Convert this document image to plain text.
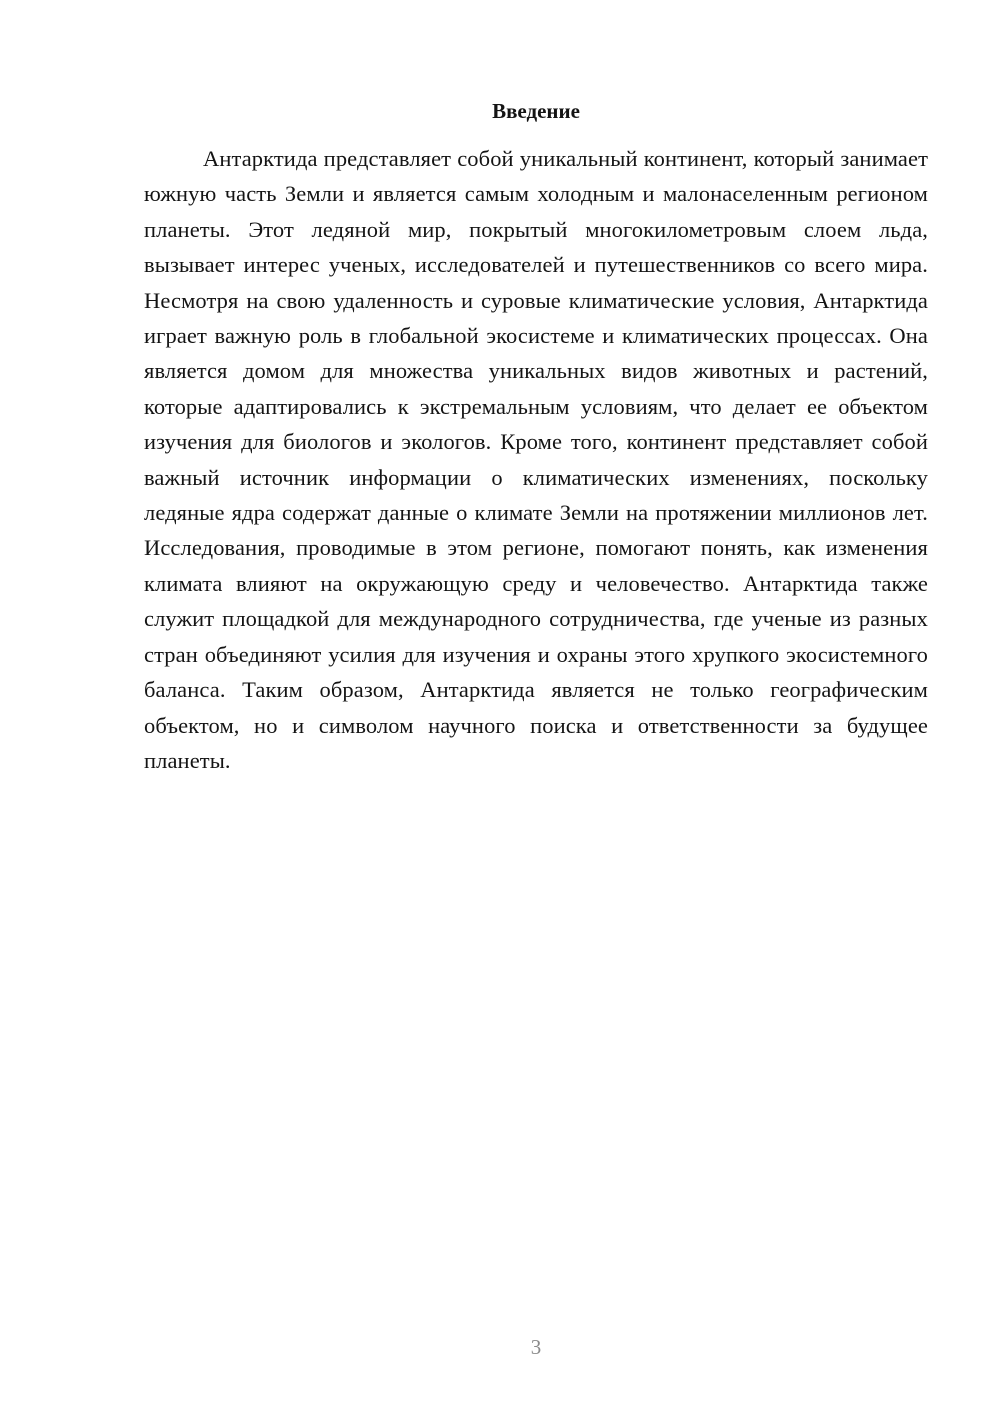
Введение

Антарктида представляет собой уникальный континент, который занимает южную часть Земли и является самым холодным и малонаселенным регионом планеты. Этот ледяной мир, покрытый многокилометровым слоем льда, вызывает интерес ученых, исследователей и путешественников со всего мира. Несмотря на свою удаленность и суровые климатические условия, Антарктида играет важную роль в глобальной экосистеме и климатических процессах. Она является домом для множества уникальных видов животных и растений, которые адаптировались к экстремальным условиям, что делает ее объектом изучения для биологов и экологов. Кроме того, континент представляет собой важный источник информации о климатических изменениях, поскольку ледяные ядра содержат данные о климате Земли на протяжении миллионов лет. Исследования, проводимые в этом регионе, помогают понять, как изменения климата влияют на окружающую среду и человечество. Антарктида также служит площадкой для международного сотрудничества, где ученые из разных стран объединяют усилия для изучения и охраны этого хрупкого экосистемного баланса. Таким образом, Антарктида является не только географическим объектом, но и символом научного поиска и ответственности за будущее планеты.

3
